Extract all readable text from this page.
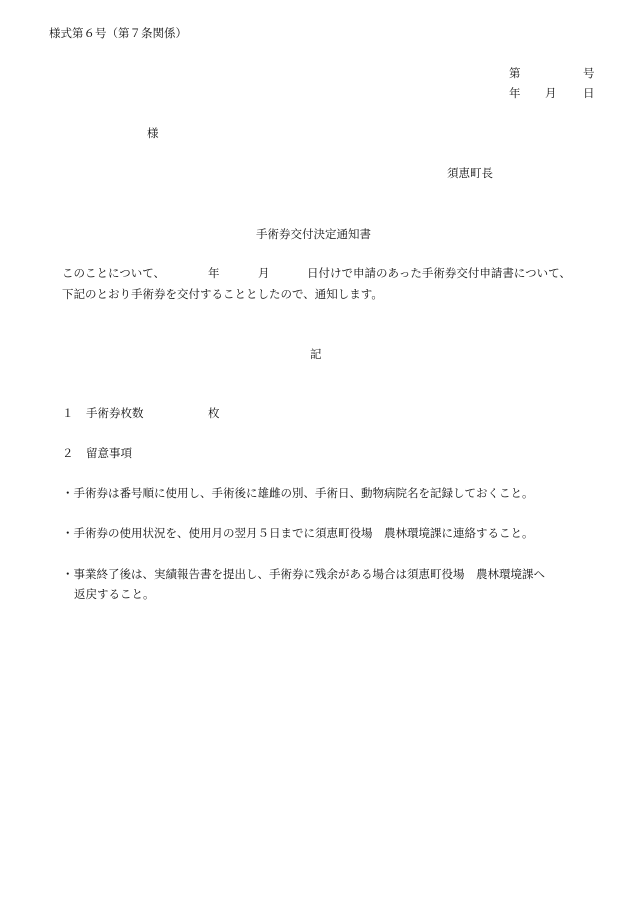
様式第６号（第７条関係）
第	号
年 月 日
様
須恵町長
手術券交付決定通知書
このことについて、	年	月	日付けで申請のあった手術券交付申請書について、
下記のとおり手術券を交付することとしたので、通知します。
記
１ 手術券枚数	枚
２ 留意事項
・手術券は番号順に使用し、手術後に雄雌の別、手術日、動物病院名を記録しておくこと。
・手術券の使用状況を、使用月の翌月５日までに須恵町役場　農林環境課に連絡すること。
・事業終了後は、実績報告書を提出し、手術券に残余がある場合は須恵町役場　農林環境課へ
返戻すること。
